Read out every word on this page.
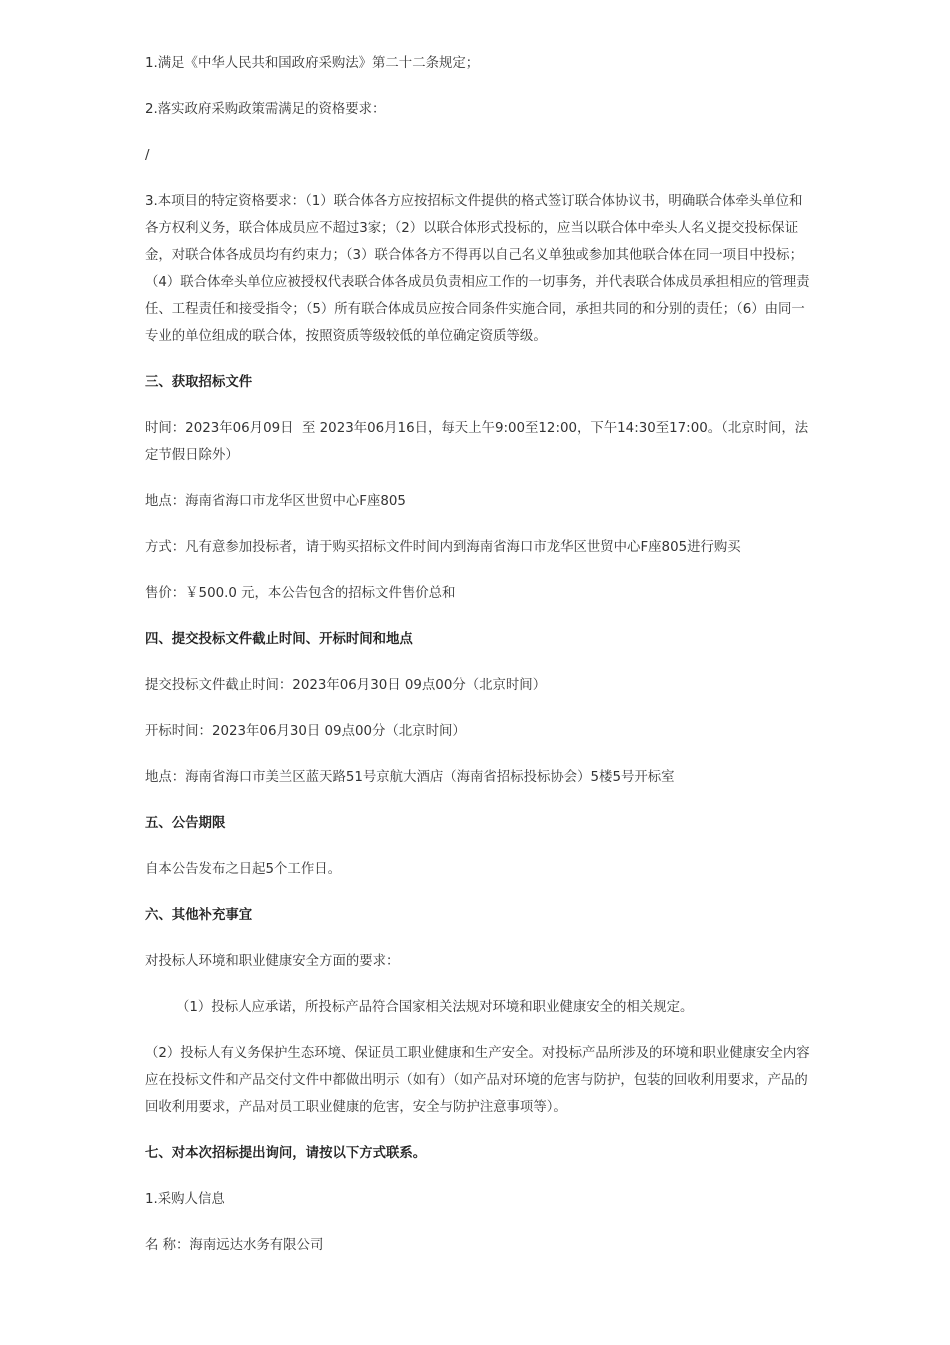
1.满足《中华人民共和国政府采购法》第二十二条规定；

2.落实政府采购政策需满足的资格要求：

/

3.本项目的特定资格要求：（1）联合体各方应按招标文件提供的格式签订联合体协议书，明确联合体牵头单位和各方权利义务，联合体成员应不超过3家；（2）以联合体形式投标的，应当以联合体中牵头人名义提交投标保证金，对联合体各成员均有约束力；（3）联合体各方不得再以自己名义单独或参加其他联合体在同一项目中投标；（4）联合体牵头单位应被授权代表联合体各成员负责相应工作的一切事务，并代表联合体成员承担相应的管理责任、工程责任和接受指令；（5）所有联合体成员应按合同条件实施合同，承担共同的和分别的责任；（6）由同一专业的单位组成的联合体，按照资质等级较低的单位确定资质等级。

三、获取招标文件

时间：2023年06月09日  至 2023年06月16日，每天上午9:00至12:00，下午14:30至17:00。（北京时间，法定节假日除外）

地点：海南省海口市龙华区世贸中心F座805

方式：凡有意参加投标者，请于购买招标文件时间内到海南省海口市龙华区世贸中心F座805进行购买

售价：￥500.0 元，本公告包含的招标文件售价总和

四、提交投标文件截止时间、开标时间和地点

提交投标文件截止时间：2023年06月30日 09点00分（北京时间）

开标时间：2023年06月30日 09点00分（北京时间）

地点：海南省海口市美兰区蓝天路51号京航大酒店（海南省招标投标协会）5楼5号开标室

五、公告期限

自本公告发布之日起5个工作日。

六、其他补充事宜

对投标人环境和职业健康安全方面的要求：

（1）投标人应承诺，所投标产品符合国家相关法规对环境和职业健康安全的相关规定。

（2）投标人有义务保护生态环境、保证员工职业健康和生产安全。对投标产品所涉及的环境和职业健康安全内容应在投标文件和产品交付文件中都做出明示（如有）（如产品对环境的危害与防护，包装的回收利用要求，产品的回收利用要求，产品对员工职业健康的危害，安全与防护注意事项等）。

七、对本次招标提出询问，请按以下方式联系。

1.采购人信息

名 称：海南远达水务有限公司
